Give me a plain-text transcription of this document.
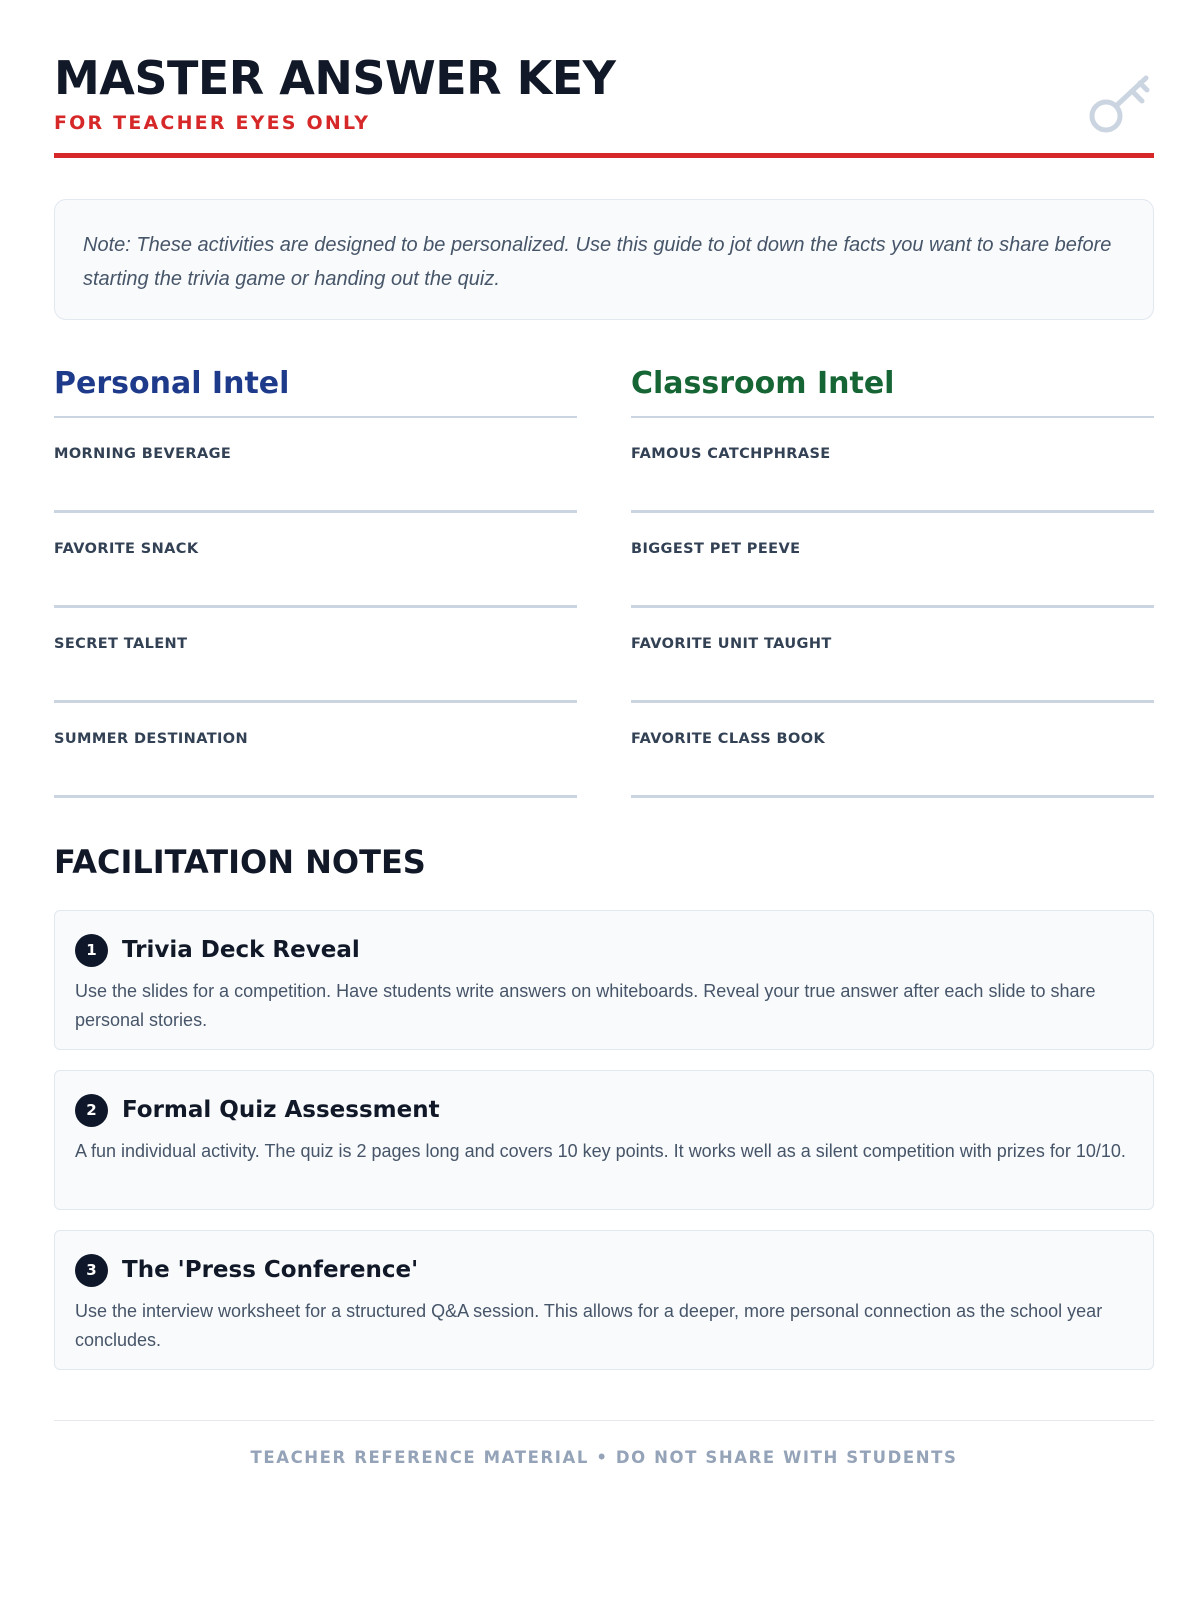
MASTER ANSWER KEY
FOR TEACHER EYES ONLY
Note: These activities are designed to be personalized. Use this guide to jot down the facts you want to share before starting the trivia game or handing out the quiz.
Personal Intel
MORNING BEVERAGE
FAVORITE SNACK
SECRET TALENT
SUMMER DESTINATION
Classroom Intel
FAMOUS CATCHPHRASE
BIGGEST PET PEEVE
FAVORITE UNIT TAUGHT
FAVORITE CLASS BOOK
FACILITATION NOTES
1	Trivia Deck Reveal
Use the slides for a competition. Have students write answers on whiteboards. Reveal your true answer after each slide to share personal stories.
2	Formal Quiz Assessment
A fun individual activity. The quiz is 2 pages long and covers 10 key points. It works well as a silent competition with prizes for 10/10.
3	The 'Press Conference'
Use the interview worksheet for a structured Q&A session. This allows for a deeper, more personal connection as the school year concludes.
TEACHER REFERENCE MATERIAL • DO NOT SHARE WITH STUDENTS
